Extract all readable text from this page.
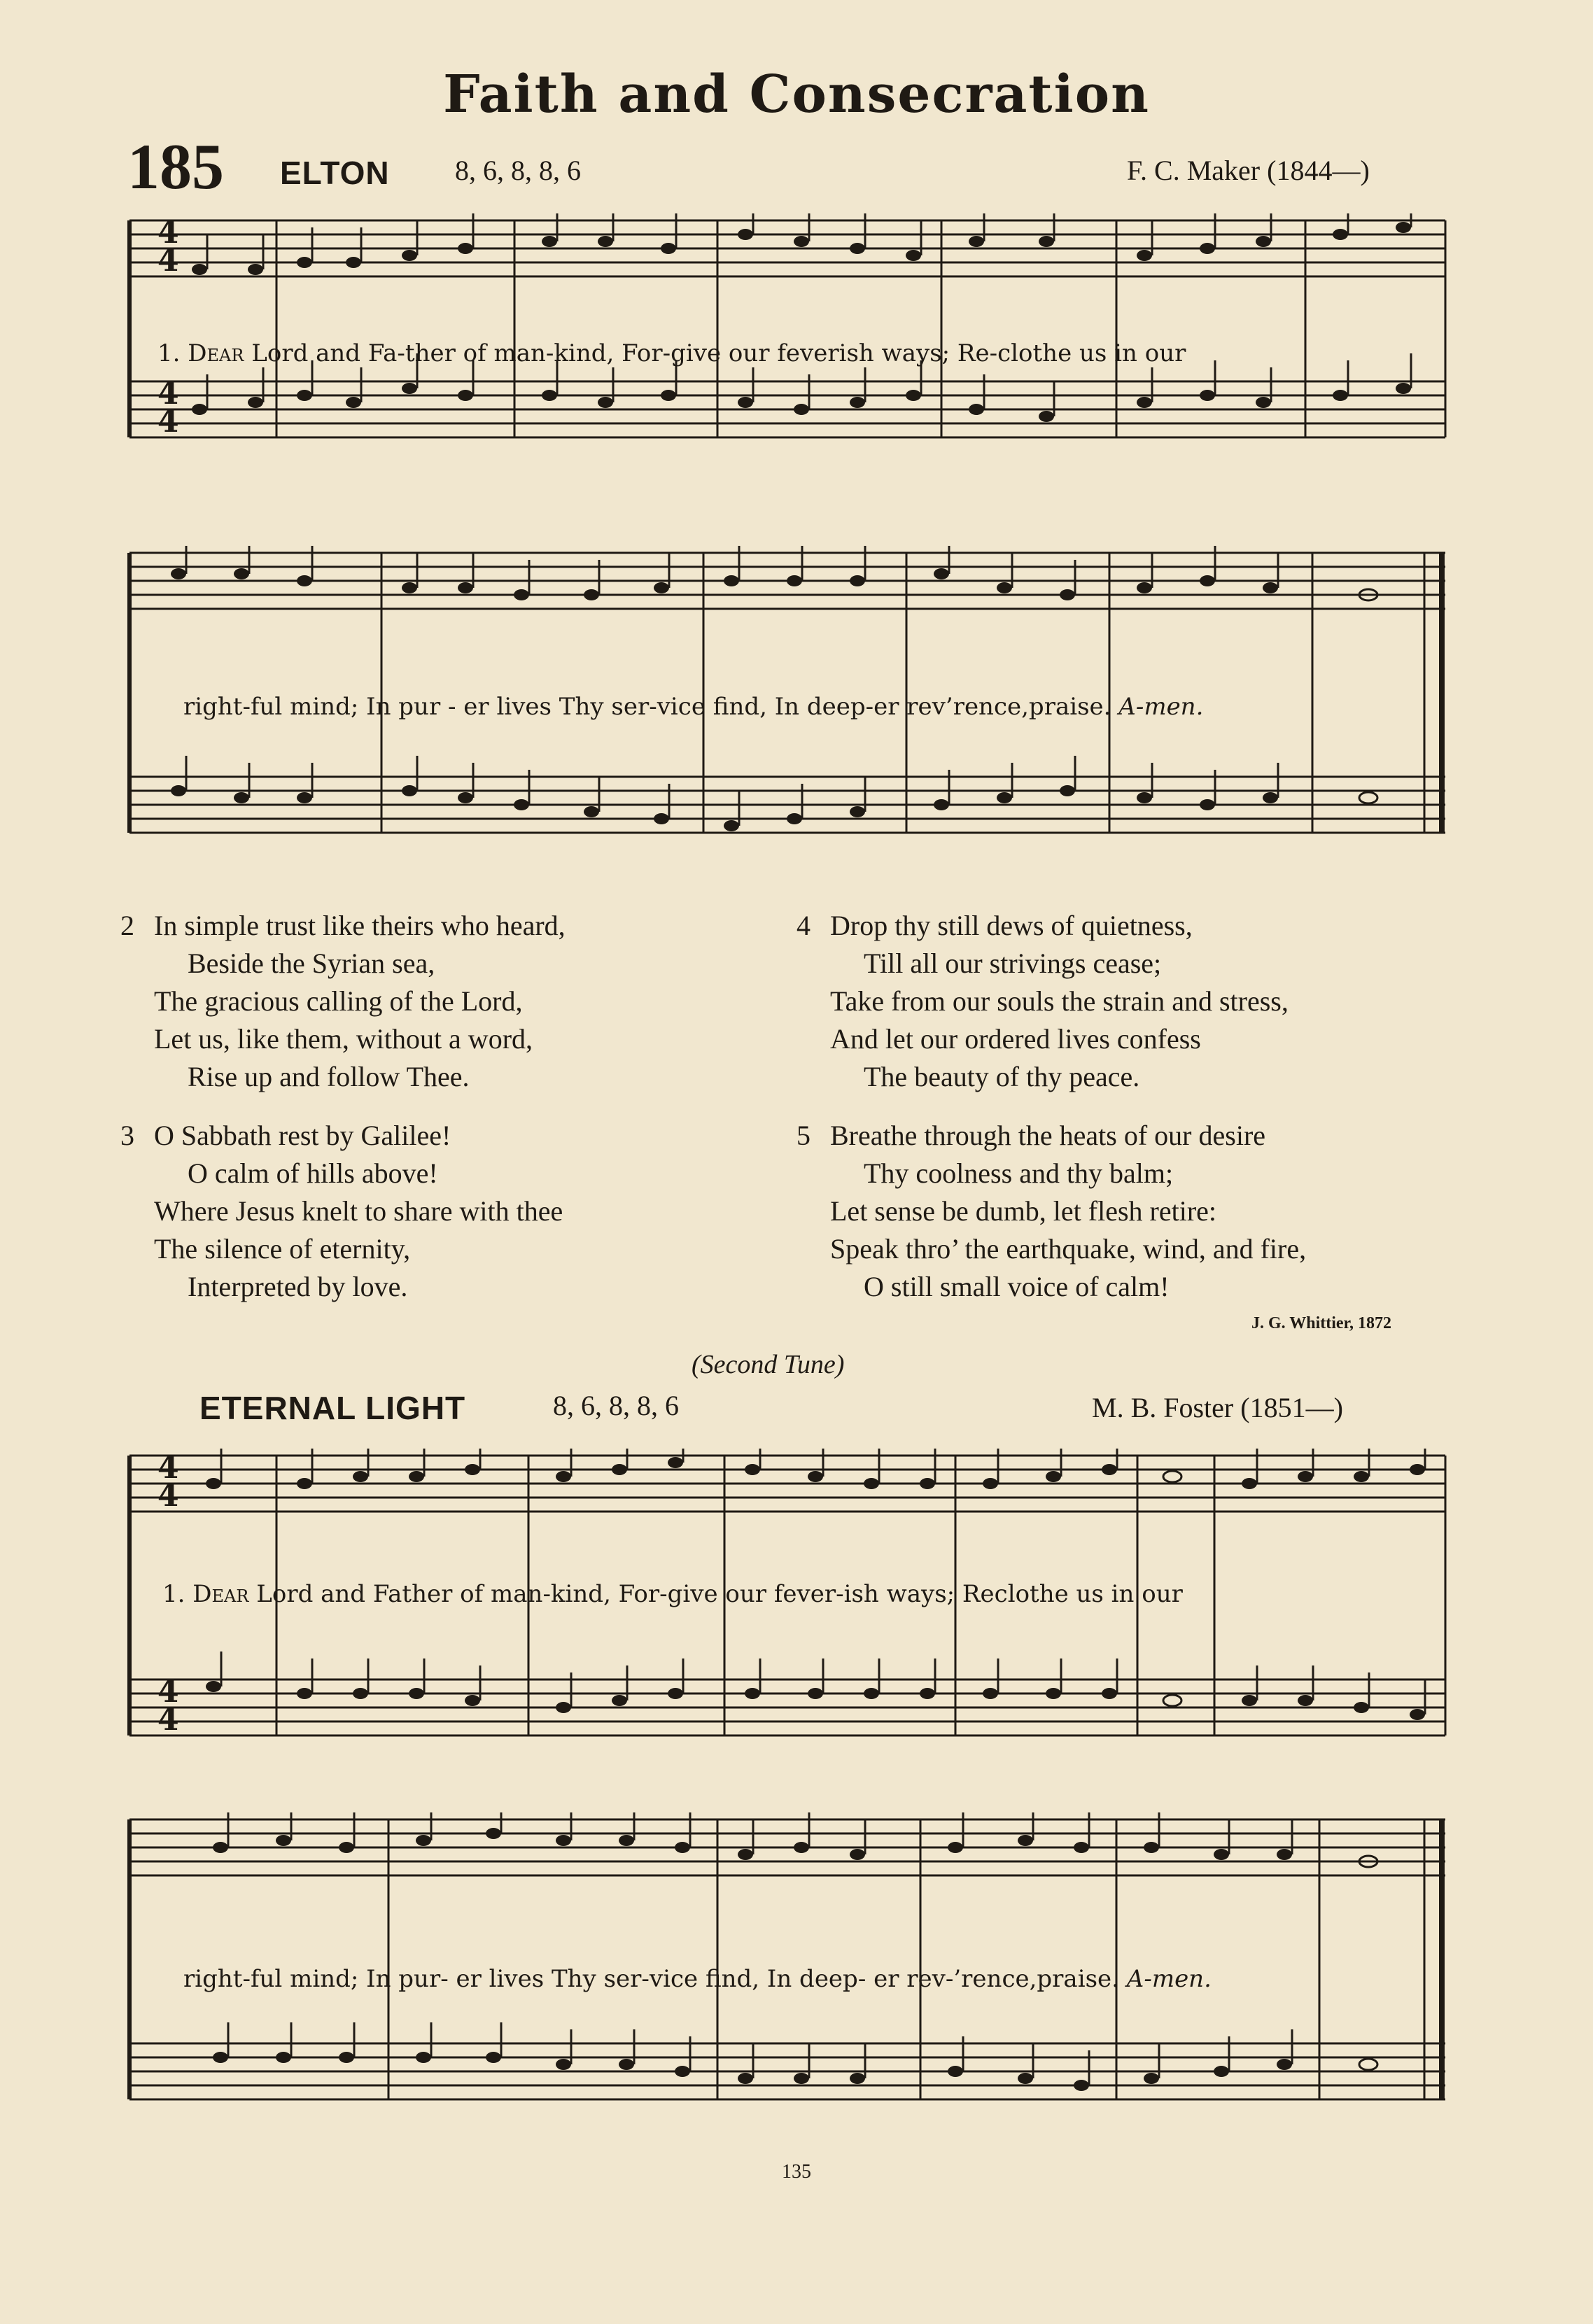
Faith and Consecration
185 ELTON 8, 6, 8, 8, 6	F. C. Maker (1844—)
4
4
4
4
1. Dear Lord and Fa-ther of man-kind, For-give our feverish ways; Re-clothe us in our
right-ful mind; In pur - er lives Thy ser-vice find, In deep-er rev’rence,praise. A-men.
2 In simple trust like theirs who heard,
Beside the Syrian sea,
The gracious calling of the Lord,
Let us, like them, without a word,
Rise up and follow Thee.
3 O Sabbath rest by Galilee!
O calm of hills above!
Where Jesus knelt to share with thee
The silence of eternity,
Interpreted by love.
4 Drop thy still dews of quietness,
Till all our strivings cease;
Take from our souls the strain and stress,
And let our ordered lives confess
The beauty of thy peace.
5 Breathe through the heats of our desire
Thy coolness and thy balm;
Let sense be dumb, let flesh retire:
Speak thro’ the earthquake, wind, and fire,
O still small voice of calm!
J. G. Whittier, 1872
(Second Tune)
ETERNAL LIGHT	8, 6, 8, 8, 6	M. B. Foster (1851—)
4
4
4
4
1. Dear Lord and Father of man-kind, For-give our fever-ish ways; Reclothe us in our
right-ful mind; In pur- er lives Thy ser-vice find, In deep- er rev-’rence,praise. A-men.
135
